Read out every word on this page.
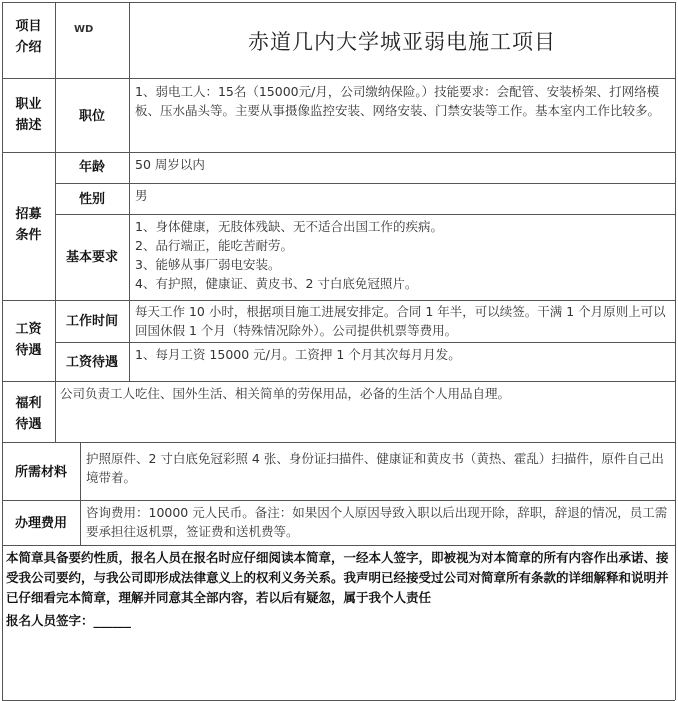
项目
介绍
WD
赤道几内大学城亚弱电施工项目
职业
描述
职位
1、弱电工人：15名（15000元/月，公司缴纳保险。）技能要求：会配管、安装桥架、打网络模板、压水晶头等。主要从事摄像监控安装、网络安装、门禁安装等工作。基本室内工作比较多。
招募
条件
年龄	50 周岁以内
性别	男
基本要求
1、身体健康，无肢体残缺、无不适合出国工作的疾病。
2、品行端正，能吃苦耐劳。
3、能够从事厂弱电安装。
4、有护照，健康证、黄皮书、2 寸白底免冠照片。
工资
待遇
工作时间
每天工作 10 小时，根据项目施工进展安排定。合同 1 年半，可以续签。干满 1 个月原则上可以回国休假 1 个月（特殊情况除外）。公司提供机票等费用。
工资待遇
1、每月工资 15000 元/月。工资押 1 个月其次每月月发。
福利
待遇
公司负责工人吃住、国外生活、相关简单的劳保用品，必备的生活个人用品自理。
所需材料
护照原件、2 寸白底免冠彩照 4 张、身份证扫描件、健康证和黄皮书（黄热、霍乱）扫描件，原件自己出境带着。
办理费用
咨询费用：10000 元人民币。备注：如果因个人原因导致入职以后出现开除，辞职，辞退的情况，员工需要承担往返机票，签证费和送机费等。
本简章具备要约性质，报名人员在报名时应仔细阅读本简章，一经本人签字，即被视为对本简章的所有内容作出承诺、接受我公司要约，与我公司即形成法律意义上的权利义务关系。我声明已经接受过公司对简章所有条款的详细解释和说明并已仔细看完本简章，理解并同意其全部内容，若以后有疑忽，属于我个人责任
报名人员签字：______
